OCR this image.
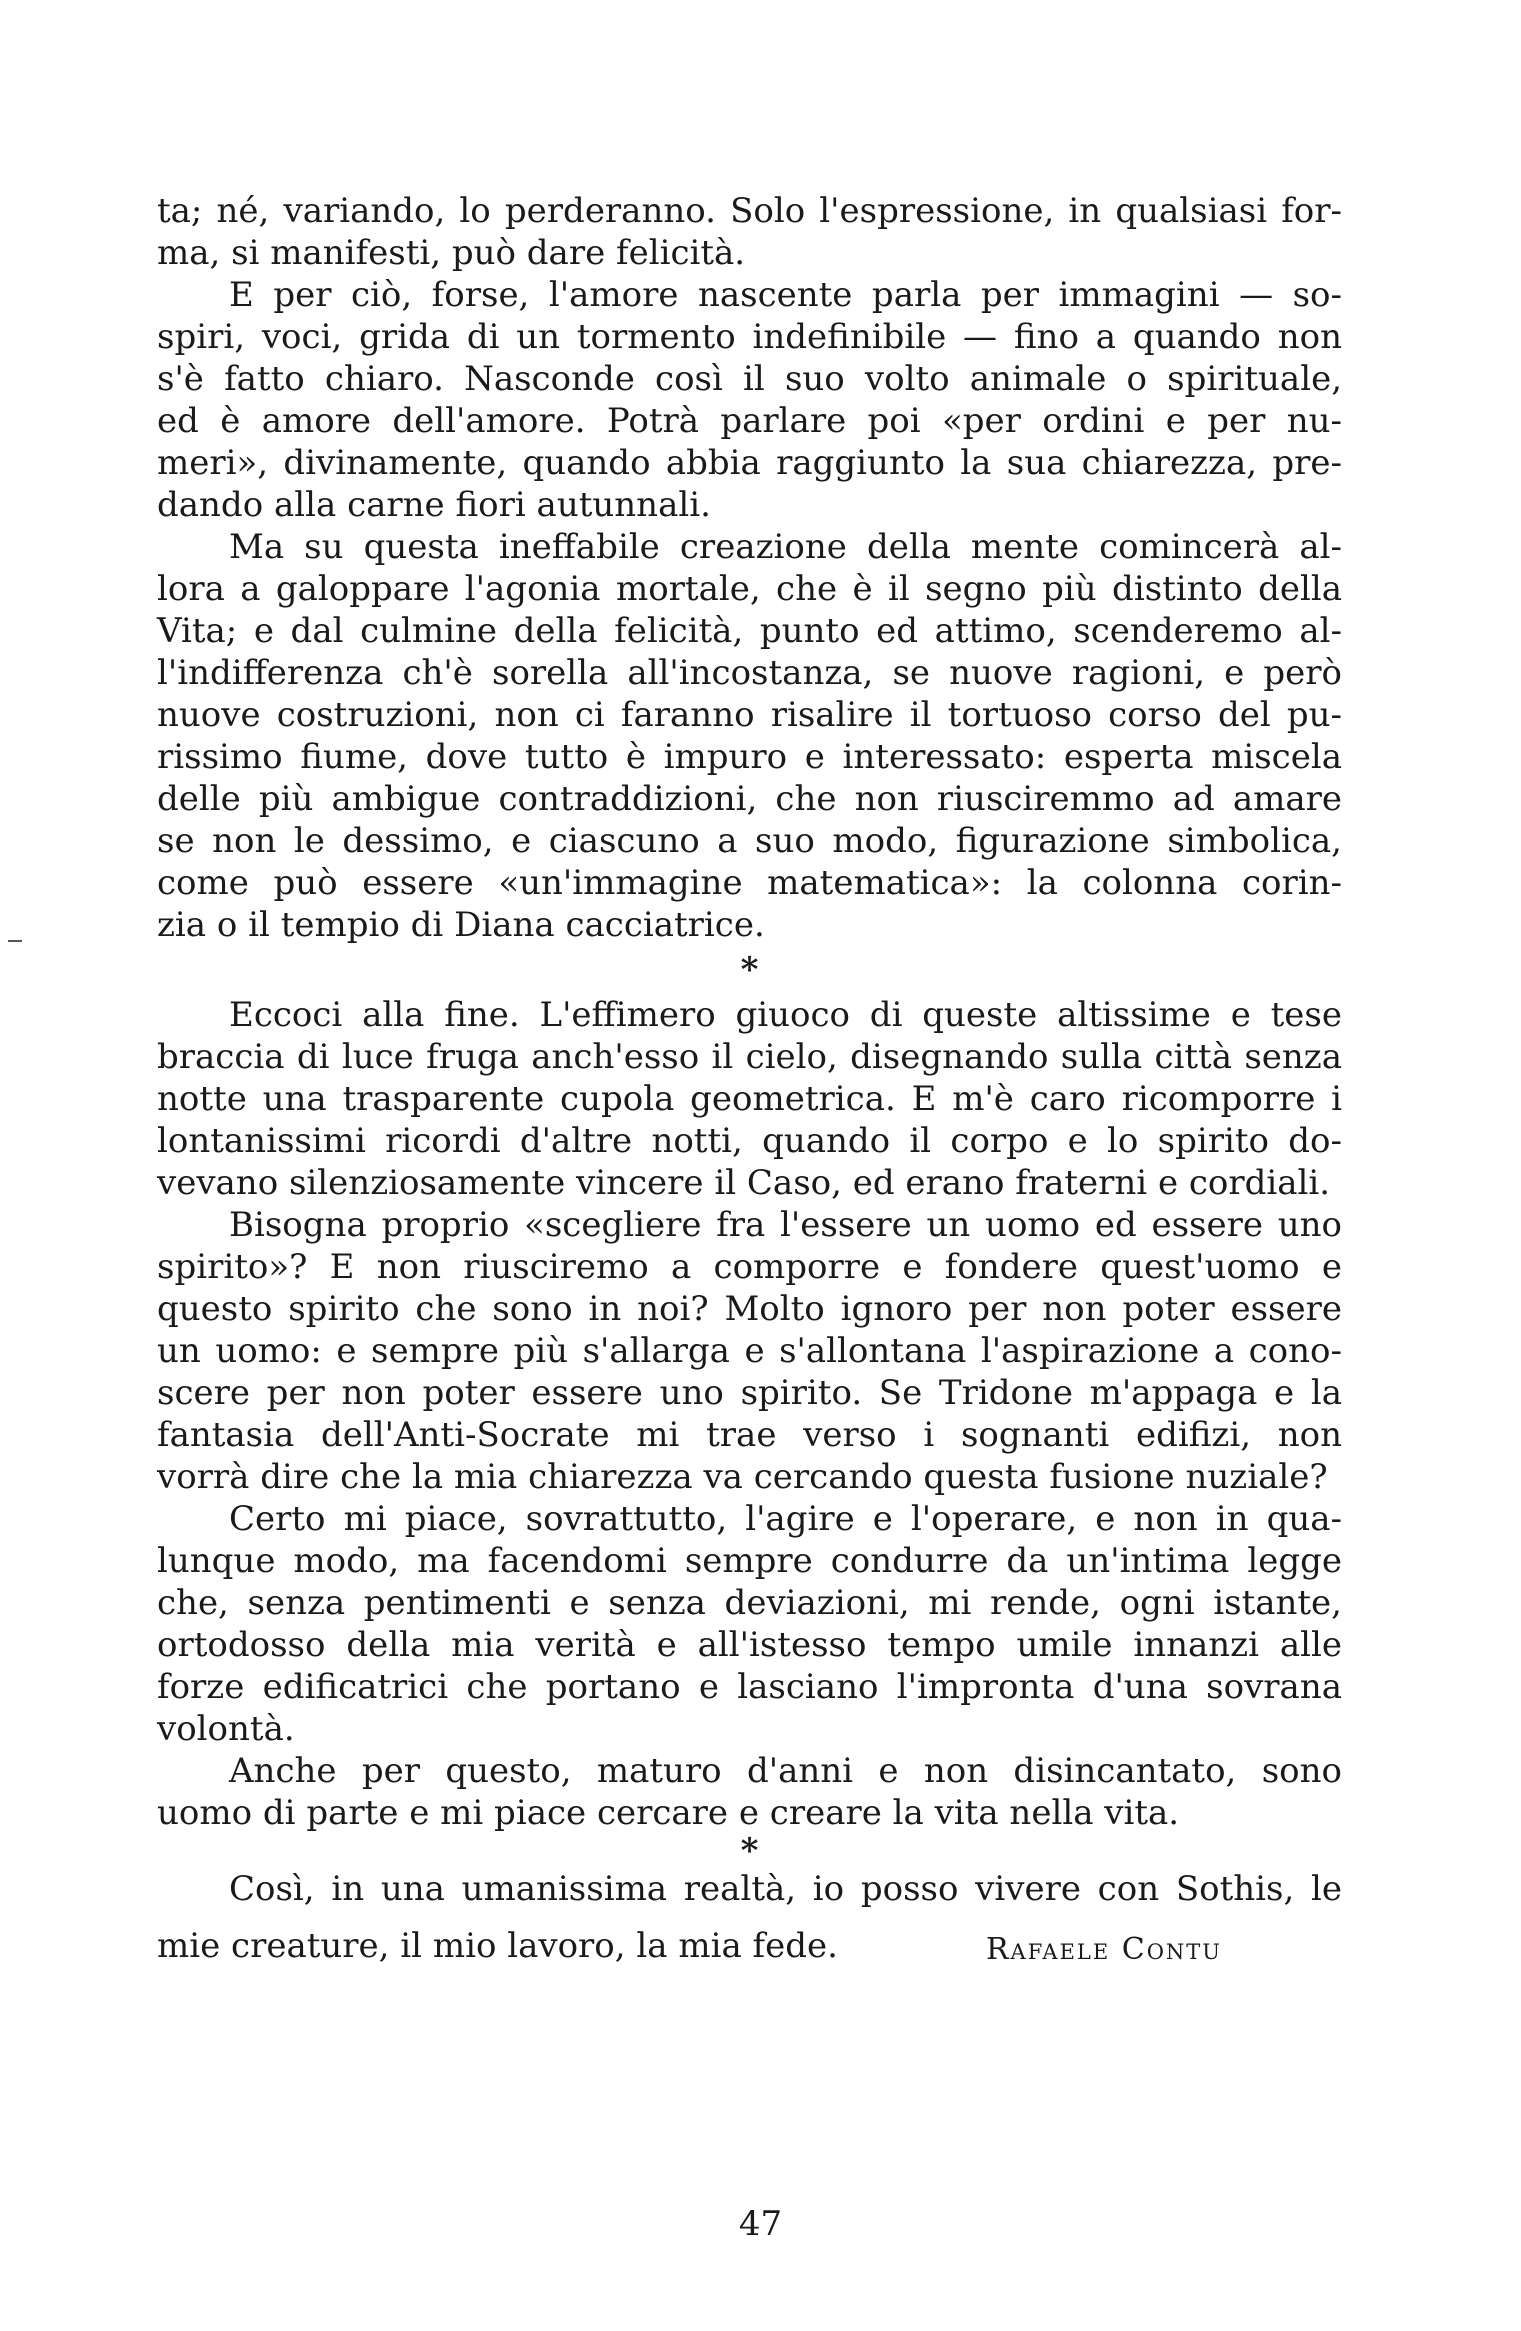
ta; né, variando, lo perderanno. Solo l'espressione, in qualsiasi for-
ma, si manifesti, può dare felicità.
E per ciò, forse, l'amore nascente parla per immagini — so-
spiri, voci, grida di un tormento indefinibile — fino a quando non
s'è fatto chiaro. Nasconde così il suo volto animale o spirituale,
ed è amore dell'amore. Potrà parlare poi «per ordini e per nu-
meri», divinamente, quando abbia raggiunto la sua chiarezza, pre-
dando alla carne fiori autunnali.
Ma su questa ineffabile creazione della mente comincerà al-
lora a galoppare l'agonia mortale, che è il segno più distinto della
Vita; e dal culmine della felicità, punto ed attimo, scenderemo al-
l'indifferenza ch'è sorella all'incostanza, se nuove ragioni, e però
nuove costruzioni, non ci faranno risalire il tortuoso corso del pu-
rissimo fiume, dove tutto è impuro e interessato: esperta miscela
delle più ambigue contraddizioni, che non riusciremmo ad amare
se non le dessimo, e ciascuno a suo modo, figurazione simbolica,
come può essere «un'immagine matematica»: la colonna corin-
zia o il tempio di Diana cacciatrice.
*
Eccoci alla fine. L'effimero giuoco di queste altissime e tese
braccia di luce fruga anch'esso il cielo, disegnando sulla città senza
notte una trasparente cupola geometrica. E m'è caro ricomporre i
lontanissimi ricordi d'altre notti, quando il corpo e lo spirito do-
vevano silenziosamente vincere il Caso, ed erano fraterni e cordiali.
Bisogna proprio «scegliere fra l'essere un uomo ed essere uno
spirito»? E non riusciremo a comporre e fondere quest'uomo e
questo spirito che sono in noi? Molto ignoro per non poter essere
un uomo: e sempre più s'allarga e s'allontana l'aspirazione a cono-
scere per non poter essere uno spirito. Se Tridone m'appaga e la
fantasia dell'Anti-Socrate mi trae verso i sognanti edifizi, non
vorrà dire che la mia chiarezza va cercando questa fusione nuziale?
Certo mi piace, sovrattutto, l'agire e l'operare, e non in qua-
lunque modo, ma facendomi sempre condurre da un'intima legge
che, senza pentimenti e senza deviazioni, mi rende, ogni istante,
ortodosso della mia verità e all'istesso tempo umile innanzi alle
forze edificatrici che portano e lasciano l'impronta d'una sovrana
volontà.
Anche per questo, maturo d'anni e non disincantato, sono
uomo di parte e mi piace cercare e creare la vita nella vita.
*
Così, in una umanissima realtà, io posso vivere con Sothis, le
mie creature, il mio lavoro, la mia fede.	Rafaele Contu
47
